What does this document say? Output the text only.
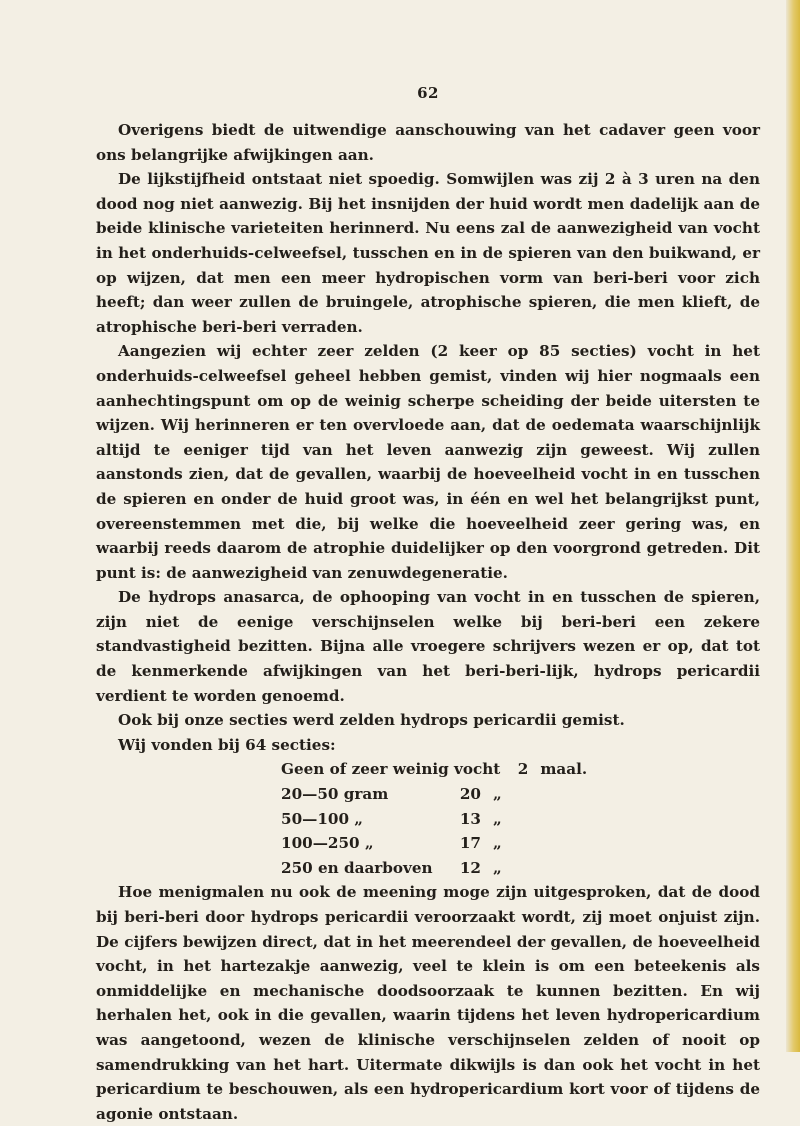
62

Overigens biedt de uitwendige aanschouwing van het cadaver geen voor ons belangrijke afwijkingen aan.

De lijkstijfheid ontstaat niet spoedig. Somwijlen was zij 2 à 3 uren na den dood nog niet aanwezig. Bij het insnijden der huid wordt men dadelijk aan de beide klinische varieteiten herinnerd. Nu eens zal de aanwezigheid van vocht in het onderhuids-celweefsel, tusschen en in de spieren van den buikwand, er op wijzen, dat men een meer hydropischen vorm van beri-beri voor zich heeft; dan weer zullen de bruingele, atrophische spieren, die men klieft, de atrophische beri-beri verraden.

Aangezien wij echter zeer zelden (2 keer op 85 secties) vocht in het onderhuids-celweefsel geheel hebben gemist, vinden wij hier nogmaals een aanhechtingspunt om op de weinig scherpe scheiding der beide uitersten te wijzen. Wij herinneren er ten overvloede aan, dat de oedemata waarschijnlijk altijd te eeniger tijd van het leven aanwezig zijn geweest. Wij zullen aanstonds zien, dat de gevallen, waarbij de hoeveelheid vocht in en tusschen de spieren en onder de huid groot was, in één en wel het belangrijkst punt, overeenstemmen met die, bij welke die hoeveelheid zeer gering was, en waarbij reeds daarom de atrophie duidelijker op den voorgrond getreden. Dit punt is: de aanwezigheid van zenuwdegeneratie.

De hydrops anasarca, de ophooping van vocht in en tusschen de spieren, zijn niet de eenige verschijnselen welke bij beri-beri een zekere standvastigheid bezitten. Bijna alle vroegere schrijvers wezen er op, dat tot de kenmerkende afwijkingen van het beri-beri-lijk, hydrops pericardii verdient te worden genoemd.

Ook bij onze secties werd zelden hydrops pericardii gemist.

Wij vonden bij 64 secties:

Geen of zeer weinig vocht	2 maal.
20—50 gram	20 „
50—100 „	13 „
100—250 „	17 „
250 en daarboven	12 „

Hoe menigmalen nu ook de meening moge zijn uitgesproken, dat de dood bij beri-beri door hydrops pericardii veroorzaakt wordt, zij moet onjuist zijn. De cijfers bewijzen direct, dat in het meerendeel der gevallen, de hoeveelheid vocht, in het hartezakje aanwezig, veel te klein is om een beteekenis als onmiddelijke en mechanische doodsoorzaak te kunnen bezitten. En wij herhalen het, ook in die gevallen, waarin tijdens het leven hydropericardium was aangetoond, wezen de klinische verschijnselen zelden of nooit op samendrukking van het hart. Uitermate dikwijls is dan ook het vocht in het pericardium te beschouwen, als een hydropericardium kort voor of tijdens de agonie ontstaan.
